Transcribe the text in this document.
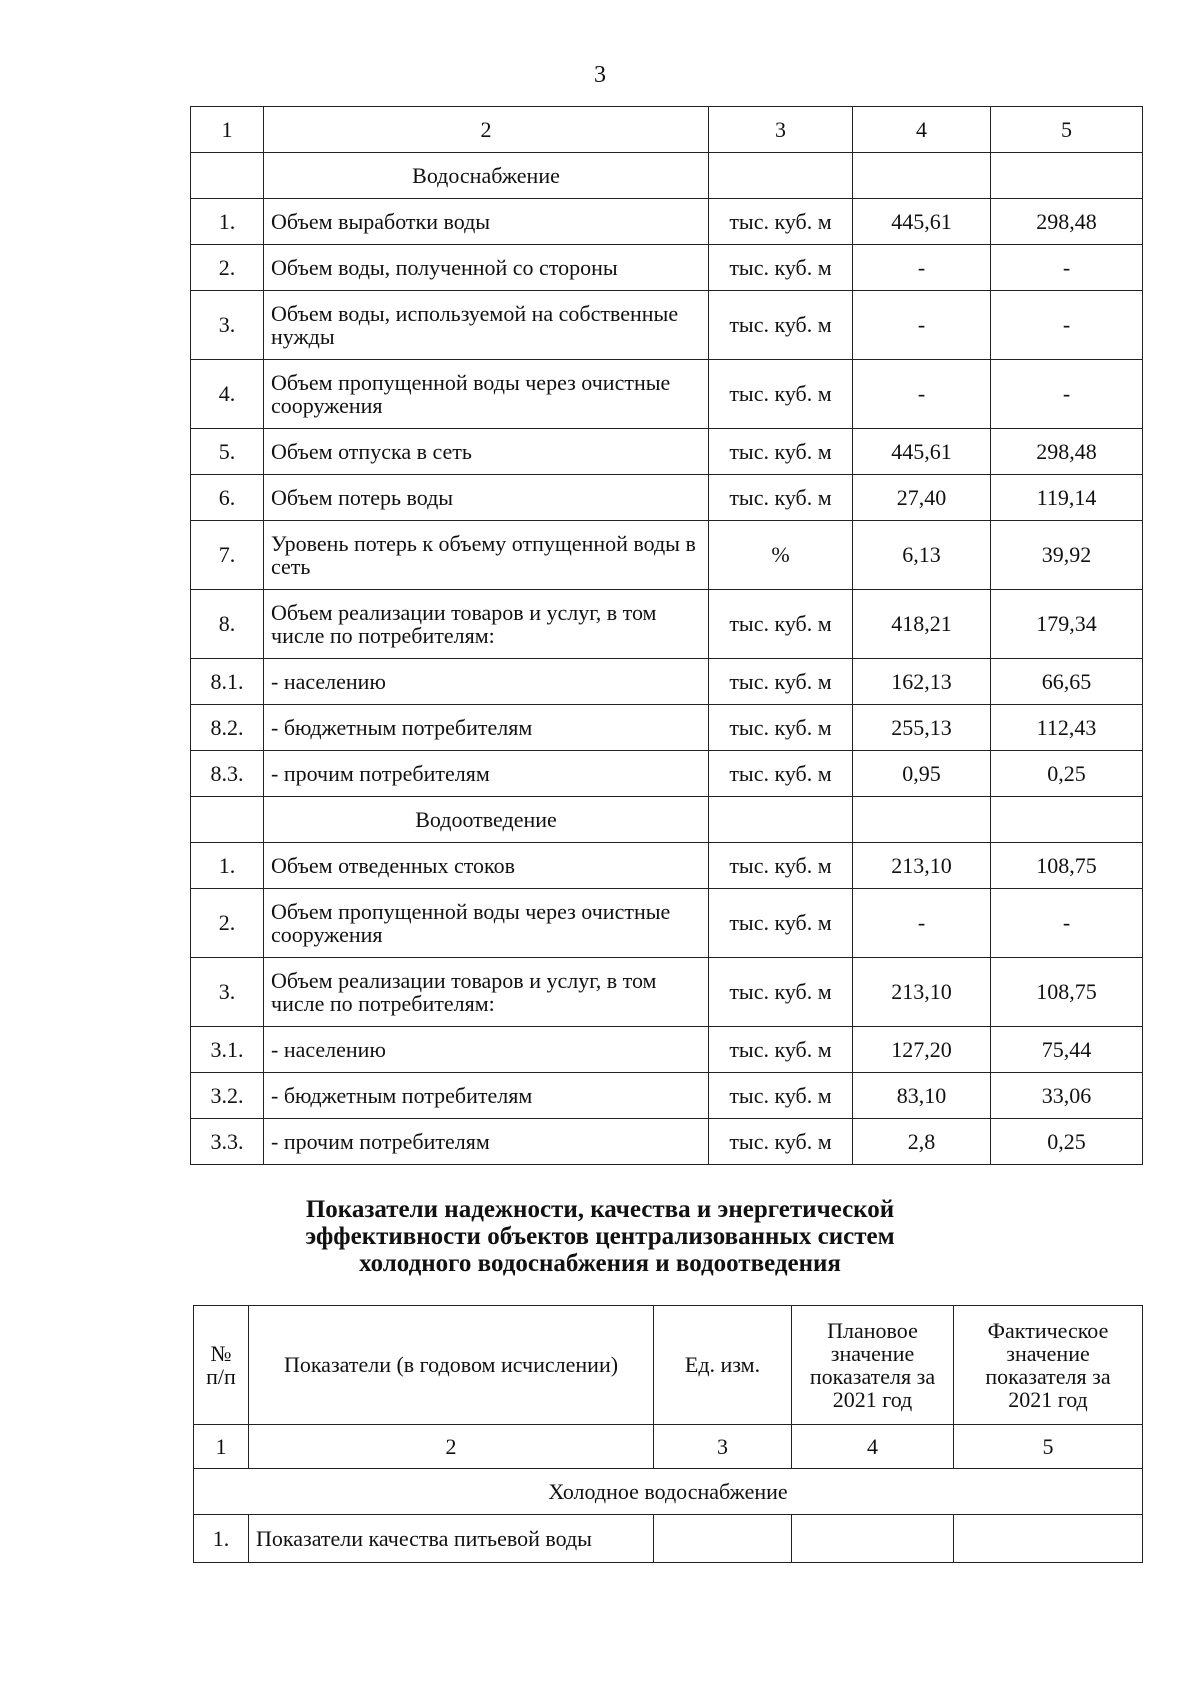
3
1	2	3	4	5
	Водоснабжение			
1.	Объем выработки воды	тыс. куб. м	445,61	298,48
2.	Объем воды, полученной со стороны	тыс. куб. м	-	-
3.	Объем воды, используемой на собственные нужды	тыс. куб. м	-	-
4.	Объем пропущенной воды через очистные сооружения	тыс. куб. м	-	-
5.	Объем отпуска в сеть	тыс. куб. м	445,61	298,48
6.	Объем потерь воды	тыс. куб. м	27,40	119,14
7.	Уровень потерь к объему отпущенной воды в сеть	%	6,13	39,92
8.	Объем реализации товаров и услуг, в том числе по потребителям:	тыс. куб. м	418,21	179,34
8.1.	- населению	тыс. куб. м	162,13	66,65
8.2.	- бюджетным потребителям	тыс. куб. м	255,13	112,43
8.3.	- прочим потребителям	тыс. куб. м	0,95	0,25
	Водоотведение			
1.	Объем отведенных стоков	тыс. куб. м	213,10	108,75
2.	Объем пропущенной воды через очистные сооружения	тыс. куб. м	-	-
3.	Объем реализации товаров и услуг, в том числе по потребителям:	тыс. куб. м	213,10	108,75
3.1.	- населению	тыс. куб. м	127,20	75,44
3.2.	- бюджетным потребителям	тыс. куб. м	83,10	33,06
3.3.	- прочим потребителям	тыс. куб. м	2,8	0,25
Показатели надежности, качества и энергетической
эффективности объектов централизованных систем
холодного водоснабжения и водоотведения
№ п/п	Показатели (в годовом исчислении)	Ед. изм.	Плановое значение показателя за 2021 год	Фактическое значение показателя за 2021 год
1	2	3	4	5
Холодное водоснабжение				
1.	Показатели качества питьевой воды			
